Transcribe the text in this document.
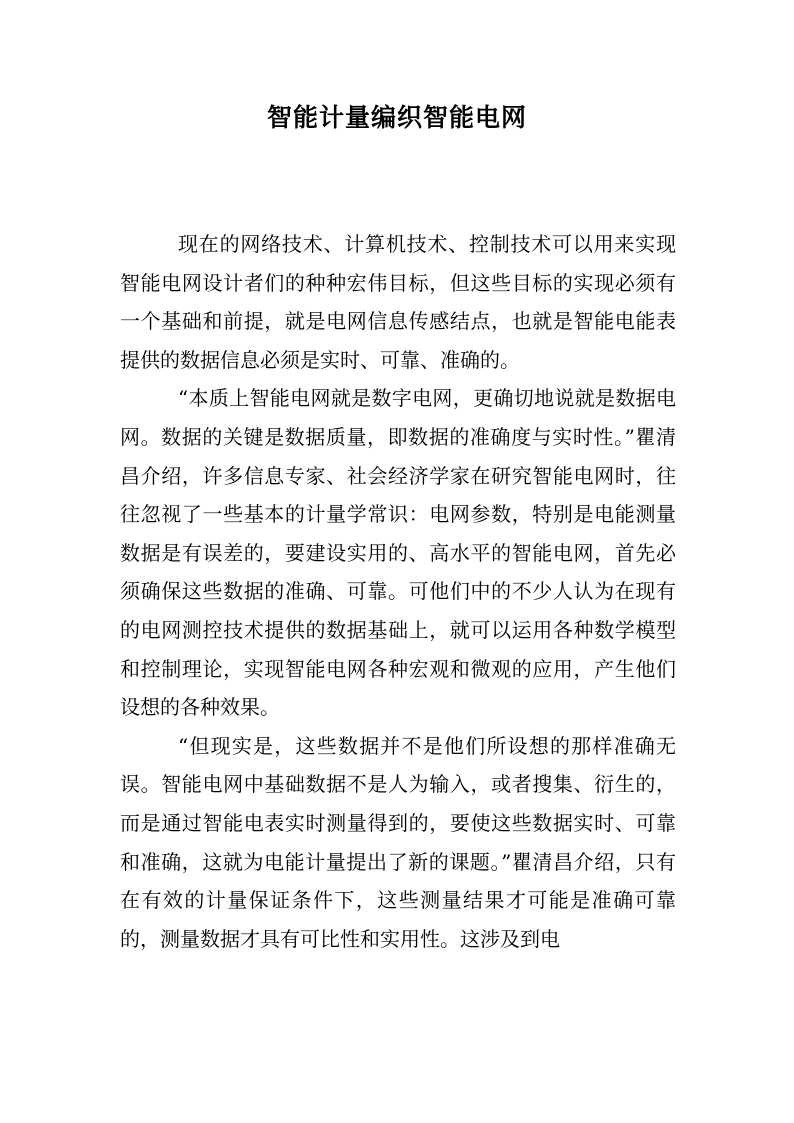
智能计量编织智能电网

现在的网络技术、计算机技术、控制技术可以用来实现智能电网设计者们的种种宏伟目标，但这些目标的实现必须有一个基础和前提，就是电网信息传感结点，也就是智能电能表提供的数据信息必须是实时、可靠、准确的。

“本质上智能电网就是数字电网，更确切地说就是数据电网。数据的关键是数据质量，即数据的准确度与实时性。”瞿清昌介绍，许多信息专家、社会经济学家在研究智能电网时，往往忽视了一些基本的计量学常识：电网参数，特别是电能测量数据是有误差的，要建设实用的、高水平的智能电网，首先必须确保这些数据的准确、可靠。可他们中的不少人认为在现有的电网测控技术提供的数据基础上，就可以运用各种数学模型和控制理论，实现智能电网各种宏观和微观的应用，产生他们设想的各种效果。

“但现实是，这些数据并不是他们所设想的那样准确无误。智能电网中基础数据不是人为输入，或者搜集、衍生的，而是通过智能电表实时测量得到的，要使这些数据实时、可靠和准确，这就为电能计量提出了新的课题。”瞿清昌介绍，只有在有效的计量保证条件下，这些测量结果才可能是准确可靠的，测量数据才具有可比性和实用性。这涉及到电
